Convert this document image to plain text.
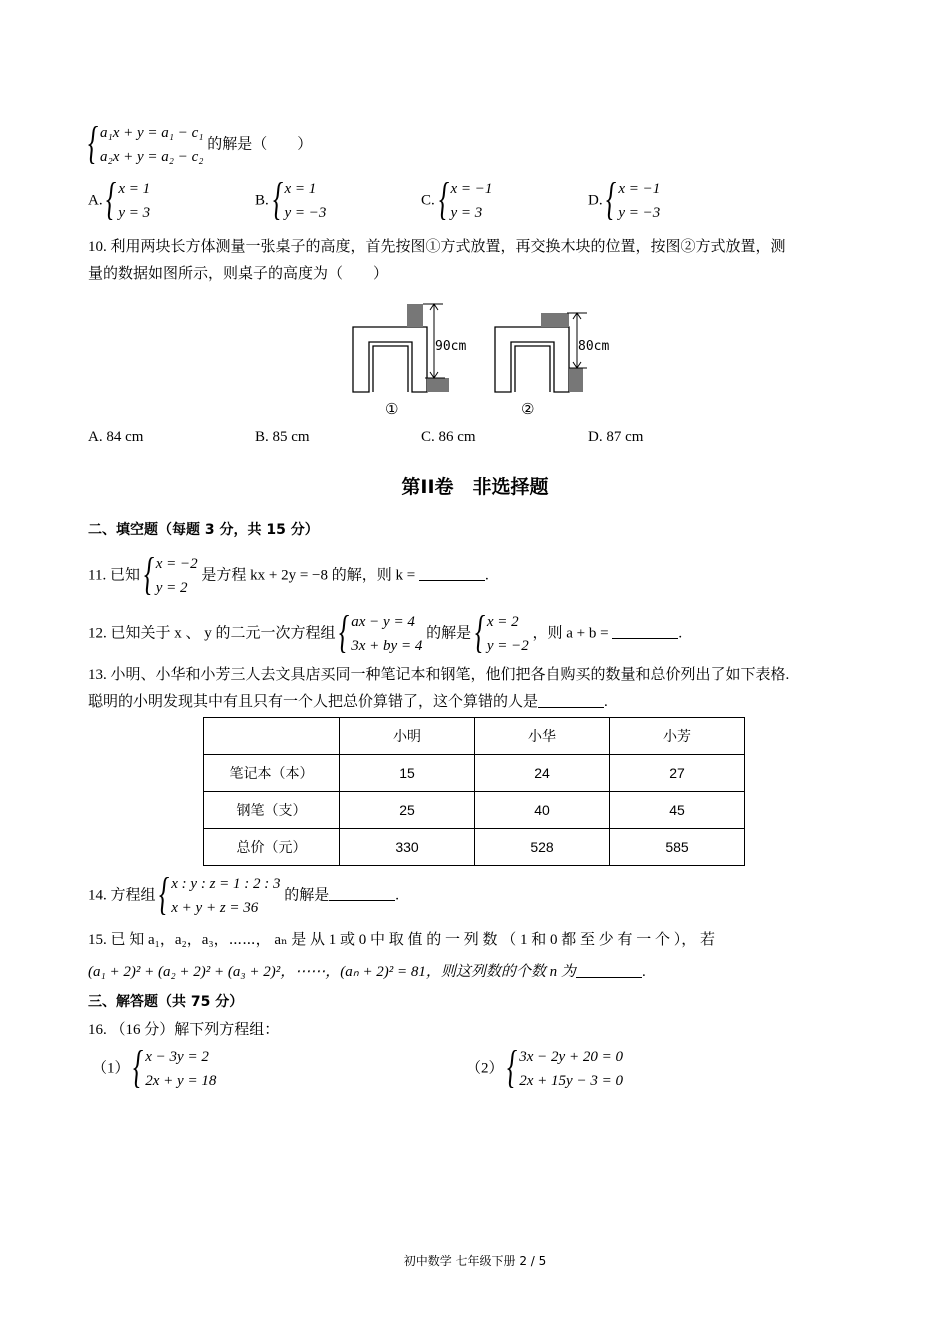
{ a₁x + y = a₁ − c₁
a₂x + y = a₂ − c₂
的解是（　　）
A. { x = 1
y = 3
B. { x = 1
y = −3
C. { x = −1
y = 3
D. { x = −1
y = −3
10. 利用两块长方体测量一张桌子的高度，首先按图①方式放置，再交换木块的位置，按图②方式放置，测
量的数据如图所示，则桌子的高度为（　　）
90cm
①
80cm
②
A. 84 cm	B. 85 cm	C. 86 cm	D. 87 cm
第II卷　非选择题
二、填空题（每题 3 分，共 15 分）
11. 已知 { x = −2
y = 2
是方程 kx + 2y = −8 的解，则 k =	.
12. 已知关于 x 、 y 的二元一次方程组 { ax − y = 4
3x + by = 4
的解是 { x = 2
y = −2
，则 a + b =	.
13. 小明、小华和小芳三人去文具店买同一种笔记本和钢笔，他们把各自购买的数量和总价列出了如下表格.
聪明的小明发现其中有且只有一个人把总价算错了，这个算错的人是	.
	小明	小华	小芳
笔记本（本）	15	24	27
钢笔（支）	25	40	45
总价（元）	330	528	585
14. 方程组 { x : y : z = 1 : 2 : 3
x + y + z = 36
的解是	.
15. 已 知 a₁，a₂，a₃，⋯⋯， aₙ 是 从 1 或 0 中 取 值 的 一 列 数 （ 1 和 0 都 至 少 有 一 个 ）， 若
(a₁ + 2)² + (a₂ + 2)² + (a₃ + 2)²，⋯⋯，(aₙ + 2)² = 81，则这列数的个数 n 为	.
三、解答题（共 75 分）
16. （16 分）解下列方程组：
（1） { x − 3y = 2
2x + y = 18
（2） { 3x − 2y + 20 = 0
2x + 15y − 3 = 0
初中数学 七年级下册 2 / 5
